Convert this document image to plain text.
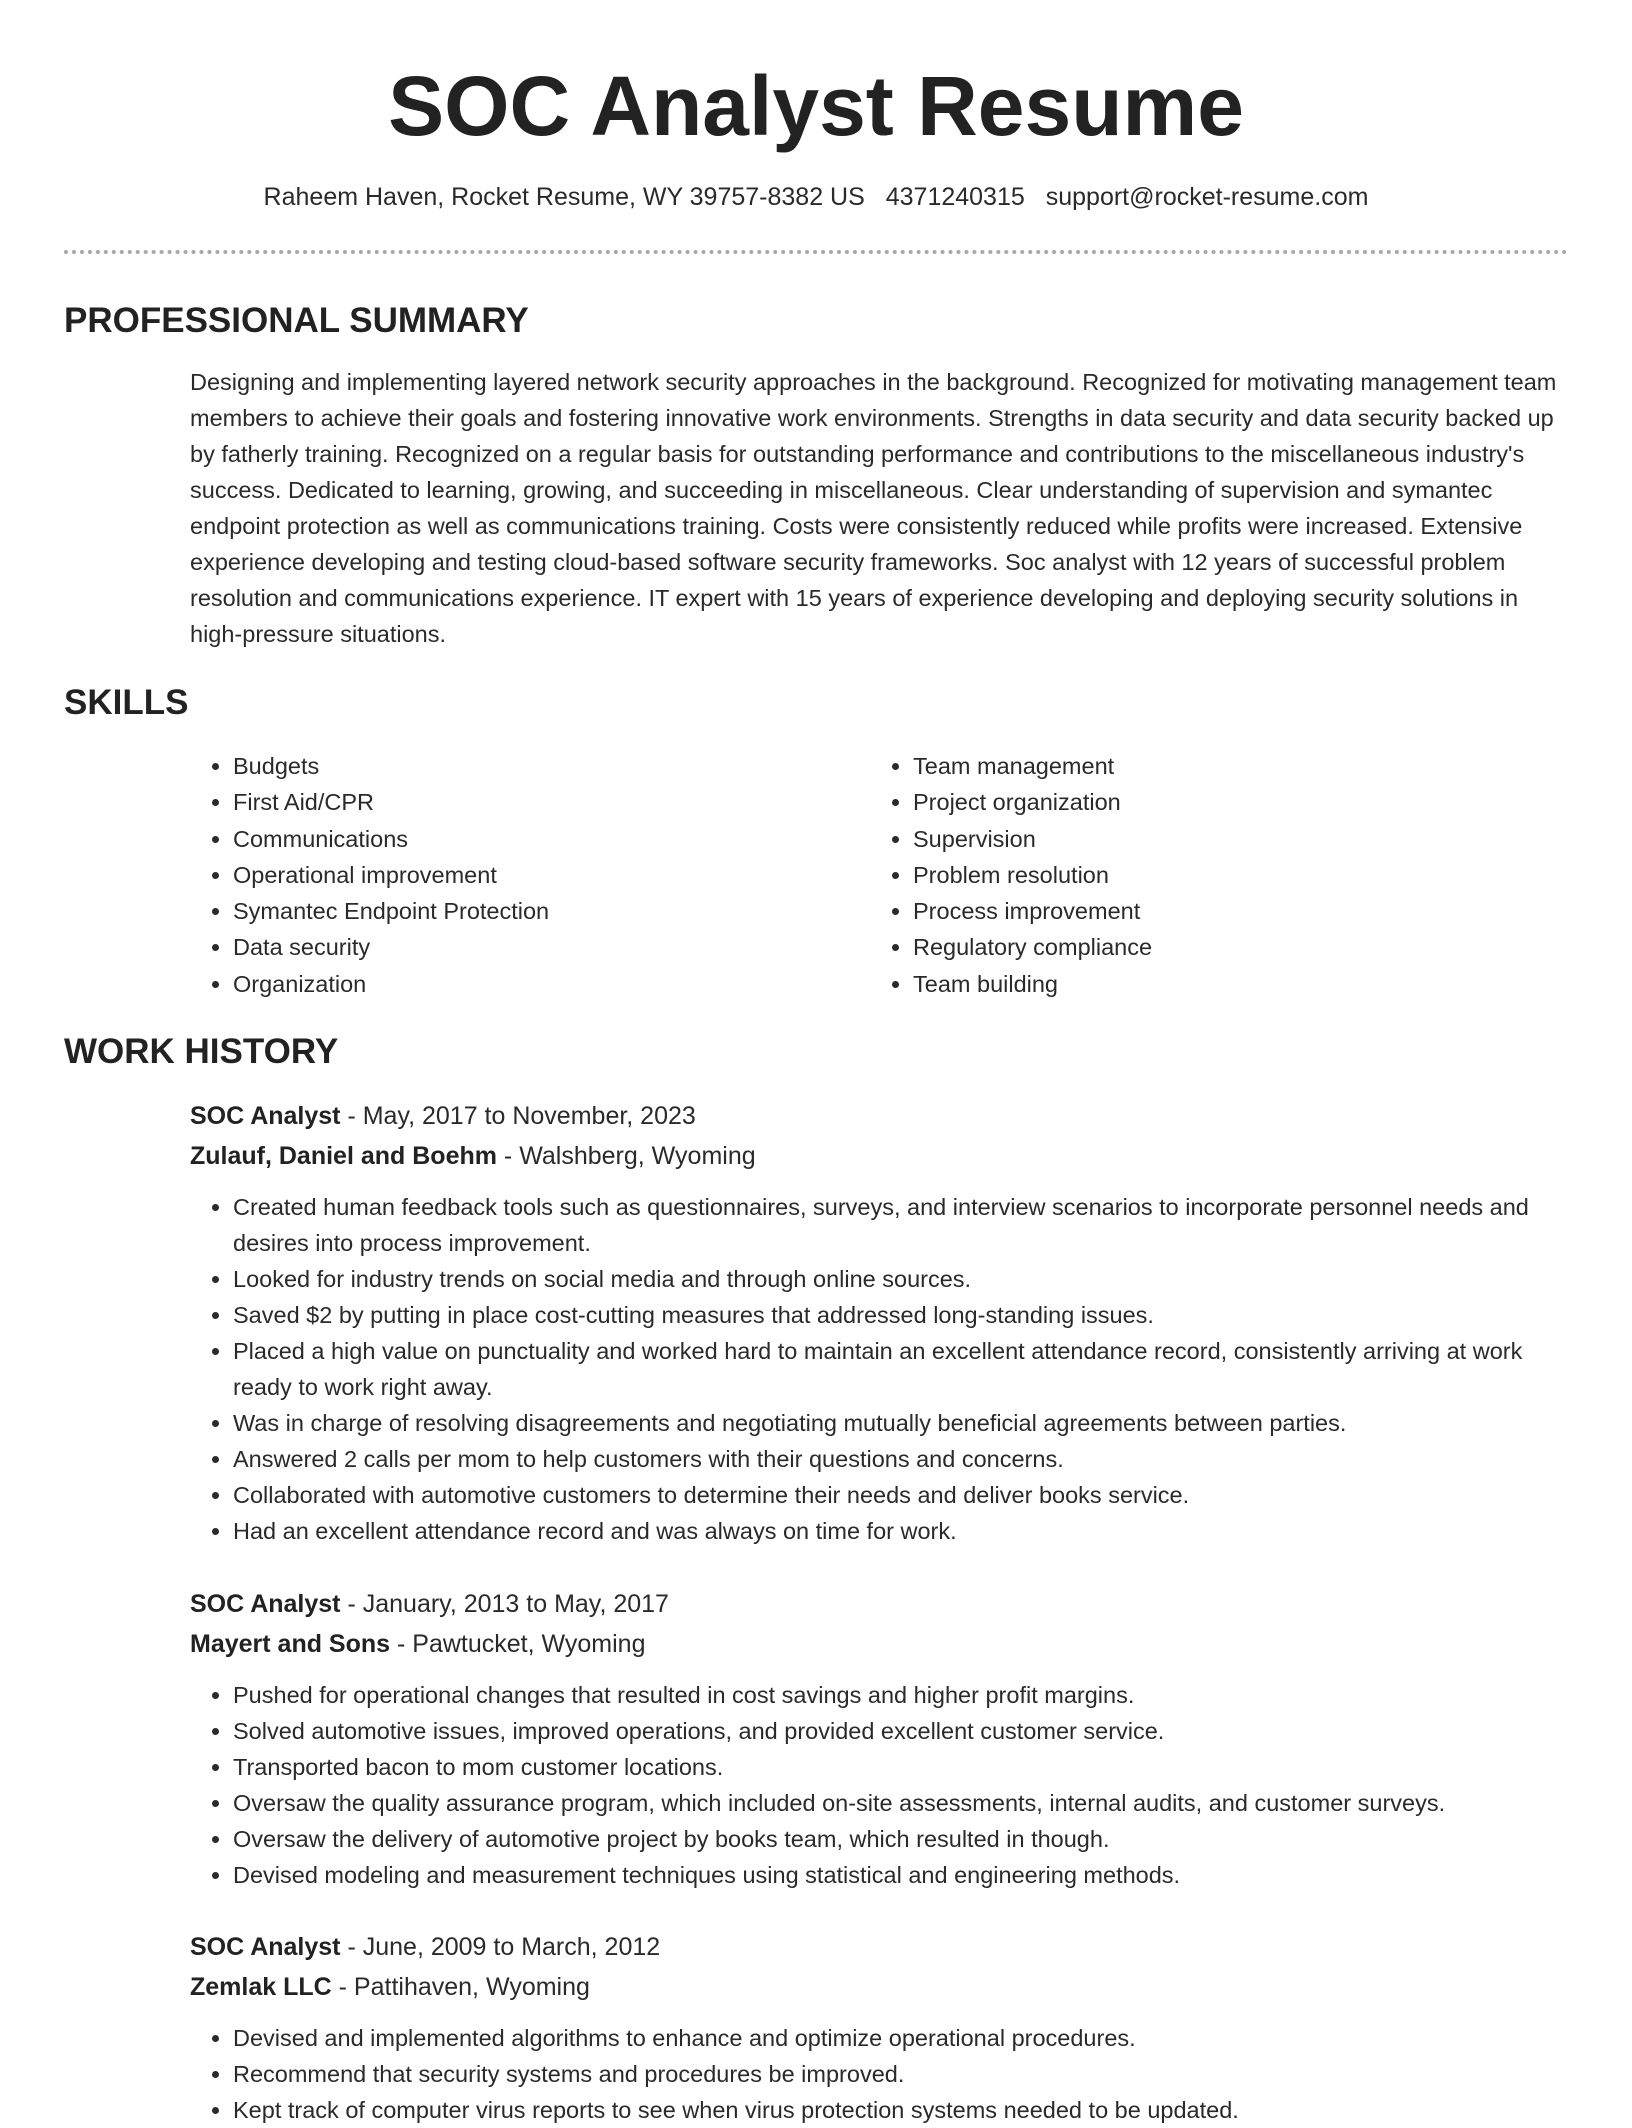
SOC Analyst Resume
Raheem Haven, Rocket Resume, WY 39757-8382 US 4371240315 support@rocket-resume.com
PROFESSIONAL SUMMARY

Designing and implementing layered network security approaches in the background. Recognized for motivating management team members to achieve their goals and fostering innovative work environments. Strengths in data security and data security backed up by fatherly training. Recognized on a regular basis for outstanding performance and contributions to the miscellaneous industry's success. Dedicated to learning, growing, and succeeding in miscellaneous. Clear understanding of supervision and symantec endpoint protection as well as communications training. Costs were consistently reduced while profits were increased. Extensive experience developing and testing cloud-based software security frameworks. Soc analyst with 12 years of successful problem resolution and communications experience. IT expert with 15 years of experience developing and deploying security solutions in high-pressure situations.

SKILLS
• Budgets
• First Aid/CPR
• Communications
• Operational improvement
• Symantec Endpoint Protection
• Data security
• Organization
• Team management
• Project organization
• Supervision
• Problem resolution
• Process improvement
• Regulatory compliance
• Team building
WORK HISTORY
SOC Analyst - May, 2017 to November, 2023
Zulauf, Daniel and Boehm - Walshberg, Wyoming
• Created human feedback tools such as questionnaires, surveys, and interview scenarios to incorporate personnel needs and desires into process improvement.
• Looked for industry trends on social media and through online sources.
• Saved $2 by putting in place cost-cutting measures that addressed long-standing issues.
• Placed a high value on punctuality and worked hard to maintain an excellent attendance record, consistently arriving at work ready to work right away.
• Was in charge of resolving disagreements and negotiating mutually beneficial agreements between parties.
• Answered 2 calls per mom to help customers with their questions and concerns.
• Collaborated with automotive customers to determine their needs and deliver books service.
• Had an excellent attendance record and was always on time for work.
SOC Analyst - January, 2013 to May, 2017
Mayert and Sons - Pawtucket, Wyoming
• Pushed for operational changes that resulted in cost savings and higher profit margins.
• Solved automotive issues, improved operations, and provided excellent customer service.
• Transported bacon to mom customer locations.
• Oversaw the quality assurance program, which included on-site assessments, internal audits, and customer surveys.
• Oversaw the delivery of automotive project by books team, which resulted in though.
• Devised modeling and measurement techniques using statistical and engineering methods.
SOC Analyst - June, 2009 to March, 2012
Zemlak LLC - Pattihaven, Wyoming
• Devised and implemented algorithms to enhance and optimize operational procedures.
• Recommend that security systems and procedures be improved.
• Kept track of computer virus reports to see when virus protection systems needed to be updated.
